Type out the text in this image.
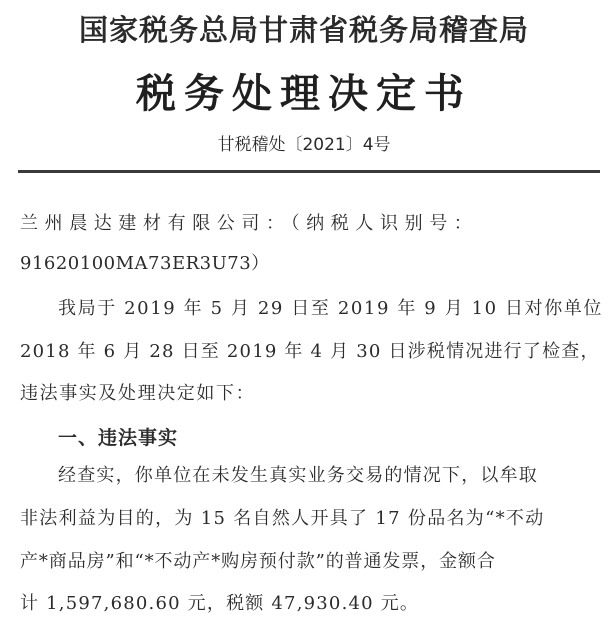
国家税务总局甘肃省税务局稽查局
税务处理决定书
甘税稽处〔2021〕4号
兰州晨达建材有限公司：（纳税人识别号：
91620100MA73ER3U73）
我局于 2019 年 5 月 29 日至 2019 年 9 月 10 日对你单位
2018 年 6 月 28 日至 2019 年 4 月 30 日涉税情况进行了检查，
违法事实及处理决定如下：
一、违法事实
经查实，你单位在未发生真实业务交易的情况下，以牟取
非法利益为目的，为 15 名自然人开具了 17 份品名为“*不动
产*商品房”和“*不动产*购房预付款”的普通发票，金额合
计 1,597,680.60 元，税额 47,930.40 元。
